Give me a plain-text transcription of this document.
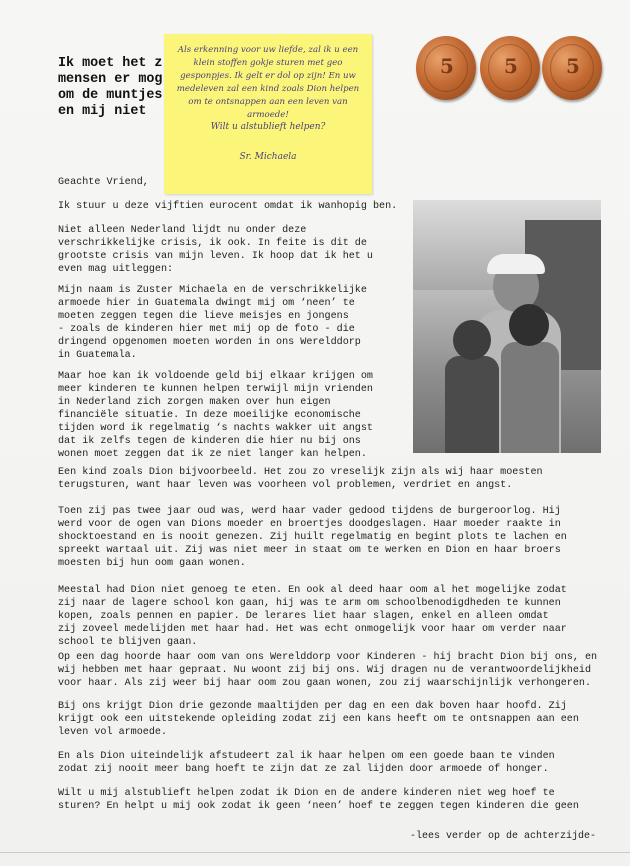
Ik moet het z
mensen er mog
om de muntjes
en mij niet
Als erkenning voor uw liefde, zal ik u een klein stoffen gokje sturen met geo gesponpjes. Ik gelt er dol op zijn! En uw medeleven zal een kind zoals Dion helpen om te ontsnappen aan een leven van armoede!
Wilt u alstublieft helpen?
Sr. Michaela
5	5 5
Geachte Vriend,
Ik stuur u deze vijftien eurocent omdat ik wanhopig ben.
Niet alleen Nederland lijdt nu onder deze
verschrikkelijke crisis, ik ook. In feite is dit de
grootste crisis van mijn leven. Ik hoop dat ik het u
even mag uitleggen:
Mijn naam is Zuster Michaela en de verschrikkelijke
armoede hier in Guatemala dwingt mij om ‘neen’ te
moeten zeggen tegen die lieve meisjes en jongens
- zoals de kinderen hier met mij op de foto - die
dringend opgenomen moeten worden in ons Werelddorp
in Guatemala.
Maar hoe kan ik voldoende geld bij elkaar krijgen om
meer kinderen te kunnen helpen terwijl mijn vrienden
in Nederland zich zorgen maken over hun eigen
financiële situatie. In deze moeilijke economische
tijden word ik regelmatig ‘s nachts wakker uit angst
dat ik zelfs tegen de kinderen die hier nu bij ons
wonen moet zeggen dat ik ze niet langer kan helpen.
Een kind zoals Dion bijvoorbeeld. Het zou zo vreselijk zijn als wij haar moesten
terugsturen, want haar leven was voorheen vol problemen, verdriet en angst.
Toen zij pas twee jaar oud was, werd haar vader gedood tijdens de burgeroorlog. Hij
werd voor de ogen van Dions moeder en broertjes doodgeslagen. Haar moeder raakte in
shocktoestand en is nooit genezen. Zij huilt regelmatig en begint plots te lachen en
spreekt wartaal uit. Zij was niet meer in staat om te werken en Dion en haar broers
moesten bij hun oom gaan wonen.
Meestal had Dion niet genoeg te eten. En ook al deed haar oom al het mogelijke zodat
zij naar de lagere school kon gaan, hij was te arm om schoolbenodigdheden te kunnen
kopen, zoals pennen en papier. De lerares liet haar slagen, enkel en alleen omdat
zij zoveel medelijden met haar had. Het was echt onmogelijk voor haar om verder naar
school te blijven gaan.
Op een dag hoorde haar oom van ons Werelddorp voor Kinderen - hij bracht Dion bij ons, en
wij hebben met haar gepraat. Nu woont zij bij ons. Wij dragen nu de verantwoordelijkheid
voor haar. Als zij weer bij haar oom zou gaan wonen, zou zij waarschijnlijk verhongeren.
Bij ons krijgt Dion drie gezonde maaltijden per dag en een dak boven haar hoofd. Zij
krijgt ook een uitstekende opleiding zodat zij een kans heeft om te ontsnappen aan een
leven vol armoede.
En als Dion uiteindelijk afstudeert zal ik haar helpen om een goede baan te vinden
zodat zij nooit meer bang hoeft te zijn dat ze zal lijden door armoede of honger.
Wilt u mij alstublieft helpen zodat ik Dion en de andere kinderen niet weg hoef te
sturen? En helpt u mij ook zodat ik geen ‘neen’ hoef te zeggen tegen kinderen die geen
-lees verder op de achterzijde-
